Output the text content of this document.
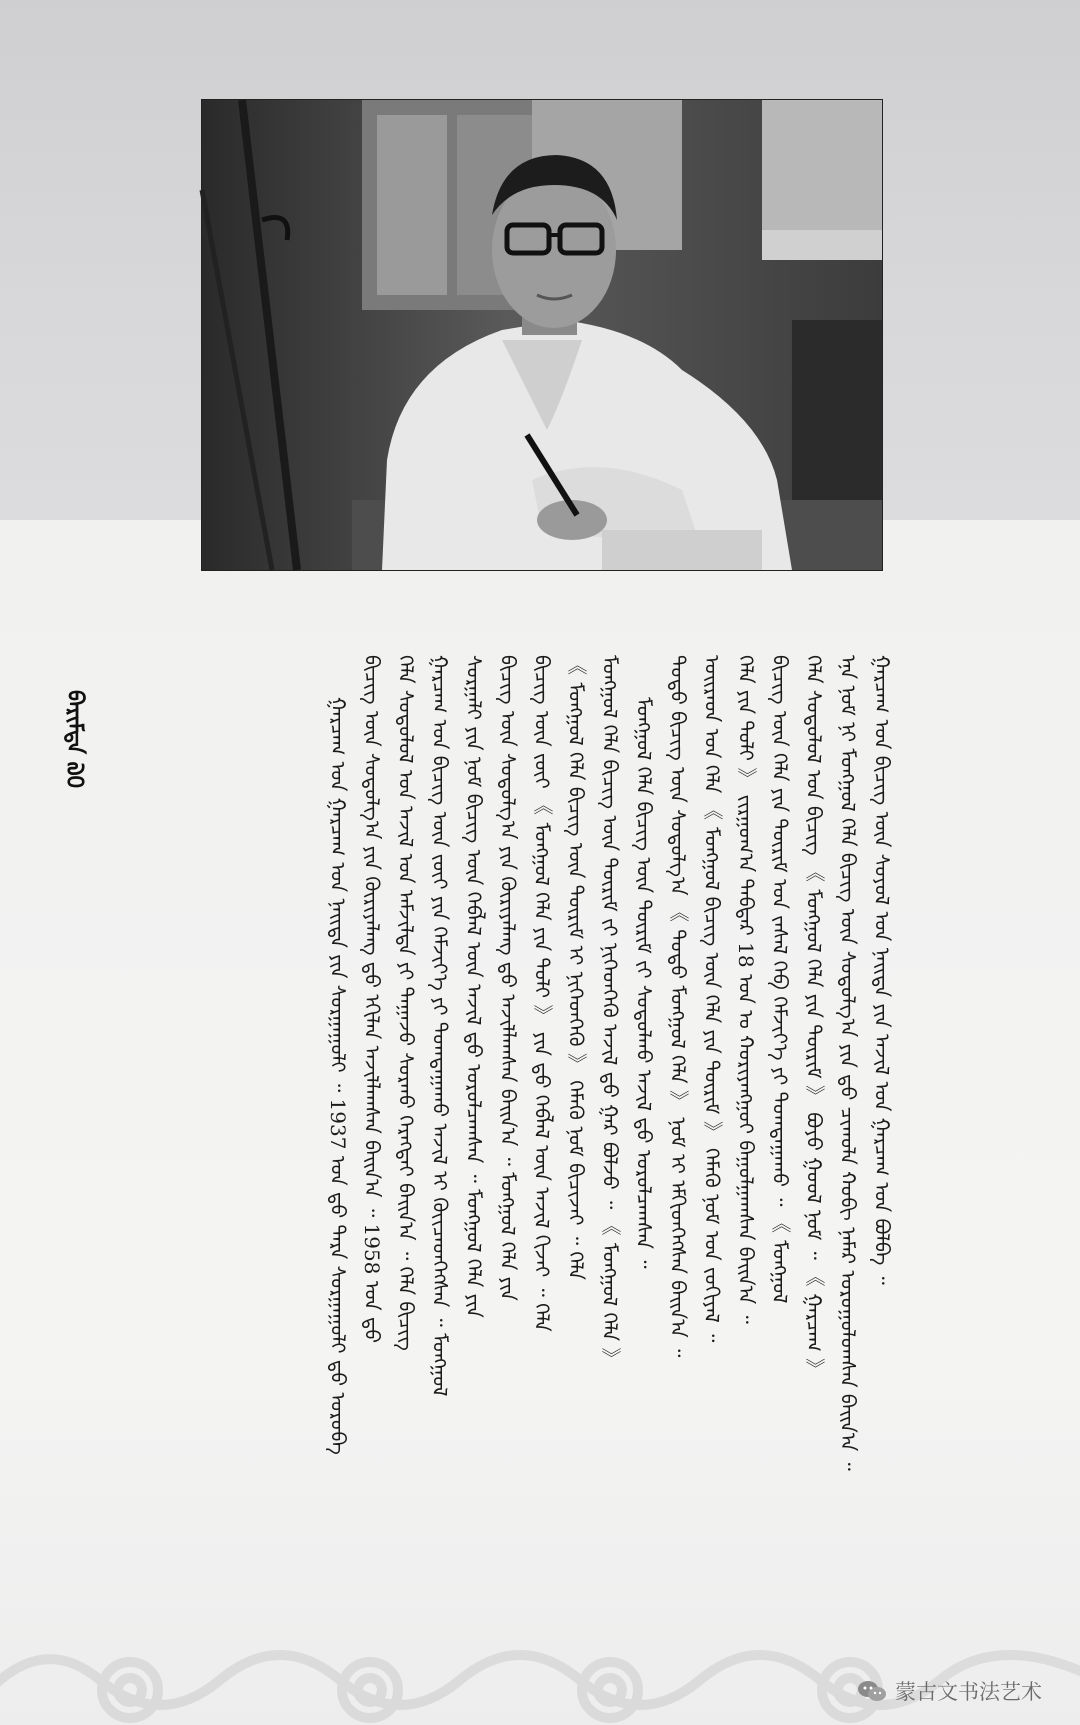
ᠭᠠᠷᠴᠠᠭ ᠤᠨ ᠪᠢᠴᠢᠭ᠌ ᠦᠨ ᠰᠣᠶᠣᠯ ᠤᠨ ᠨᠡᠢᠲᠡ ᠶᠢᠨ ᠠᠵᠢᠯ ᠤᠨ ᠭᠠᠷᠴᠠᠭ ᠤᠨ ᠪᠣᠯᠪᠠ ᠃
ᠡᠨᠡ ᠨᠣᠮ ᠨᠢ ᠮᠣᠩᠭᠣᠯ ᠬᠡᠯᠡ ᠪᠢᠴᠢᠭ᠌ ᠦᠨ ᠰᠤᠳᠤᠯᠭ᠎ᠠ ᠶᠢᠨ ᠳ᠋ᠤ ᠴᠢᠬᠤᠯᠠ ᠬᠤᠪᠢ ᠨᠡᠮᠡᠷ ᠣᠷᠣᠭᠤᠯᠤᠭᠰᠠᠨ ᠪᠠᠢᠨ᠎ᠠ ᠃
ᠬᠡᠯᠡ ᠰᠤᠳᠤᠯᠤᠯ ᠤᠨ ᠪᠢᠴᠢᠭ᠌ 《 ᠮᠣᠩᠭᠣᠯ ᠬᠡᠯᠡ ᠶᠢᠨ ᠳᠦᠷᠢᠮ 》 ᠪᠤᠶᠤ ᠭᠣᠣᠯ ᠨᠣᠮ ᠃ 《 ᠭᠠᠷᠴᠠᠭ 》
ᠪᠢᠴᠢᠭ᠌ ᠦᠨ ᠬᠡᠯᠡ ᠶᠢᠨ ᠳᠦᠷᠢᠮ ᠤᠨ ᠵᠠᠰᠠᠯ ᠬᠡᠪ ᠬᠡᠮᠵᠢᠶ᠎ᠡ ᠶᠢ ᠲᠣᠭᠲᠠᠭᠠᠬᠤ ᠃ 《 ᠮᠣᠩᠭᠣᠯ
ᠬᠡᠯᠡ ᠶᠢᠨ ᠲᠣᠯᠢ 》 ᠵᠢᠷᠭᠤᠭ᠎ᠠ ᠳᠡᠪᠲᠡᠷ 18 ᠣᠨ ᠤ ᠬᠤᠷᠢᠶᠠᠩᠭᠤᠢ ᠪᠠᠭᠤᠯᠭᠠᠭᠰᠠᠨ ᠪᠠᠢᠨ᠎ᠠ ᠃
ᠣᠢᠷᠠᠳ ᠤᠨ ᠬᠡᠯᠡ 《 ᠮᠣᠩᠭᠣᠯ ᠪᠢᠴᠢᠭ᠌ ᠦᠨ ᠬᠡᠯᠡ ᠶᠢᠨ ᠳᠦᠷᠢᠮ 》 ᠬᠡᠮᠡᠬᠦ ᠨᠣᠮ ᠤᠨ ᠵᠣᠬᠢᠶᠠᠯ ᠃
ᠲᠣᠳᠣ ᠪᠢᠴᠢᠭ᠌ ᠦᠨ ᠰᠤᠳᠤᠯᠭ᠎ᠠ 《 ᠲᠣᠳᠣ ᠮᠣᠩᠭᠣᠯ ᠬᠡᠯᠡ 》 ᠨᠣᠮ ᠢ ᠡᠮᠬᠢᠳᠬᠡᠭᠰᠡᠨ ᠪᠠᠢᠨ᠎ᠠ ᠃
ᠮᠣᠩᠭᠣᠯ ᠬᠡᠯᠡ ᠪᠢᠴᠢᠭ᠌ ᠦᠨ ᠳᠦᠷᠢᠮ ᠵᠢ ᠰᠤᠳᠤᠯᠬᠤ ᠠᠵᠢᠯ ᠳ᠋ᠤ ᠣᠷᠣᠯᠴᠠᠭᠰᠠᠨ ᠃
ᠮᠣᠩᠭᠣᠯ ᠬᠡᠯᠡ ᠪᠢᠴᠢᠭ᠌ ᠦᠨ ᠳᠦᠷᠢᠮ ᠵᠢ ᠨᠢᠭᠡᠳᠬᠡᠬᠦ ᠠᠵᠢᠯ ᠳ᠋ᠤ ᠭᠠᠷ ᠪᠣᠯᠵᠤ ᠃ 《 ᠮᠣᠩᠭᠣᠯ ᠬᠡᠯᠡ 》
《 ᠮᠣᠩᠭᠣᠯ ᠬᠡᠯᠡ ᠪᠢᠴᠢᠭ᠌ ᠦᠨ ᠳᠦᠷᠢᠮ ᠢ ᠨᠢᠭᠡᠳᠬᠡᠬᠦ 》 ᠬᠡᠮᠡᠬᠦ ᠨᠣᠮ ᠪᠢᠴᠢᠵᠡᠢ ᠃ ᠬᠡᠯᠡ
ᠪᠢᠴᠢᠭ᠌ ᠦᠨ ᠵᠦᠢ 《 ᠮᠣᠩᠭᠣᠯ ᠬᠡᠯᠡ ᠶᠢᠨ ᠲᠣᠯᠢ 》 ᠶᠢᠨ ᠳ᠋ᠤ ᠬᠡᠪᠯᠡᠯ ᠦᠨ ᠠᠵᠢᠯ ᠬᠢᠵᠡᠢ ᠃ ᠬᠡᠯᠡ
ᠪᠢᠴᠢᠭ᠌ ᠦᠨ ᠰᠤᠳᠤᠯᠭ᠎ᠠ ᠶᠢᠨ ᠬᠦᠷᠢᠶᠡᠯᠡᠩ ᠳ᠋ᠦ ᠠᠵᠢᠯᠯᠠᠭᠰᠠᠨ ᠪᠠᠢᠨ᠎ᠠ ᠃ ᠮᠣᠩᠭᠣᠯ ᠬᠡᠯᠡ ᠶᠢᠨ
ᠰᠤᠷᠭᠠᠯᠢ ᠶᠢᠨ ᠨᠣᠮ ᠪᠢᠴᠢᠭ᠌ ᠦᠨ ᠬᠡᠪᠯᠡᠯ ᠦᠨ ᠠᠵᠢᠯ ᠳ᠋ᠤ ᠣᠷᠣᠯᠴᠠᠭᠰᠠᠨ ᠃ ᠮᠣᠩᠭᠣᠯ ᠬᠡᠯᠡ ᠶᠢᠨ
ᠭᠠᠷᠴᠠᠭ ᠤᠨ ᠪᠢᠴᠢᠭ᠌ ᠦᠨ ᠵᠦᠢ ᠶᠢᠨ ᠬᠡᠮᠵᠢᠶ᠎ᠡ ᠶᠢ ᠲᠣᠭᠲᠠᠭᠠᠬᠤ ᠠᠵᠢᠯ ᠢ ᠭᠦᠢᠴᠡᠳᠬᠡᠭᠰᠡᠨ ᠃ ᠮᠣᠩᠭᠣᠯ
ᠬᠡᠯᠡ ᠰᠤᠳᠤᠯᠤᠯ ᠤᠨ ᠠᠵᠢᠯ ᠤᠨ ᠠᠮᠵᠢᠯᠲᠠ ᠶᠢ ᠳᠠᠭᠠᠵᠤ ᠰᠤᠷᠬᠤ ᠬᠡᠷᠡᠭᠲᠡᠢ ᠪᠠᠢᠨ᠎ᠠ ᠃ ᠬᠡᠯᠡ ᠪᠢᠴᠢᠭ᠌
ᠪᠢᠴᠢᠭ᠌ ᠦᠨ ᠰᠤᠳᠤᠯᠭ᠎ᠠ ᠶᠢᠨ ᠬᠦᠷᠢᠶᠡᠯᠡᠩ ᠳ᠋ᠦ ᠡᠬᠢᠯᠡᠨ ᠠᠵᠢᠯᠯᠠᠭᠰᠠᠨ ᠪᠠᠢᠨ᠎ᠠ ᠃ 1958 ᠣᠨ ᠳ᠋ᠤ
ᠭᠠᠷᠴᠠᠭ ᠤᠨ ᠭᠠᠷᠴᠠᠭ ᠤᠨ ᠨᠡᠢᠲᠡ ᠶᠢᠨ ᠰᠤᠷᠭᠠᠭᠤᠯᠢ ᠃ 1937 ᠣᠨ ᠳ᠋ᠤ ᠲᠡᠷᠡ ᠰᠤᠷᠭᠠᠭᠤᠯᠢ ᠳ᠋ᠤ ᠣᠷᠣᠪᠠ
ᠪᠠᠷᠢᠮᠲᠠ ᠗᠐
蒙古文书法艺术
